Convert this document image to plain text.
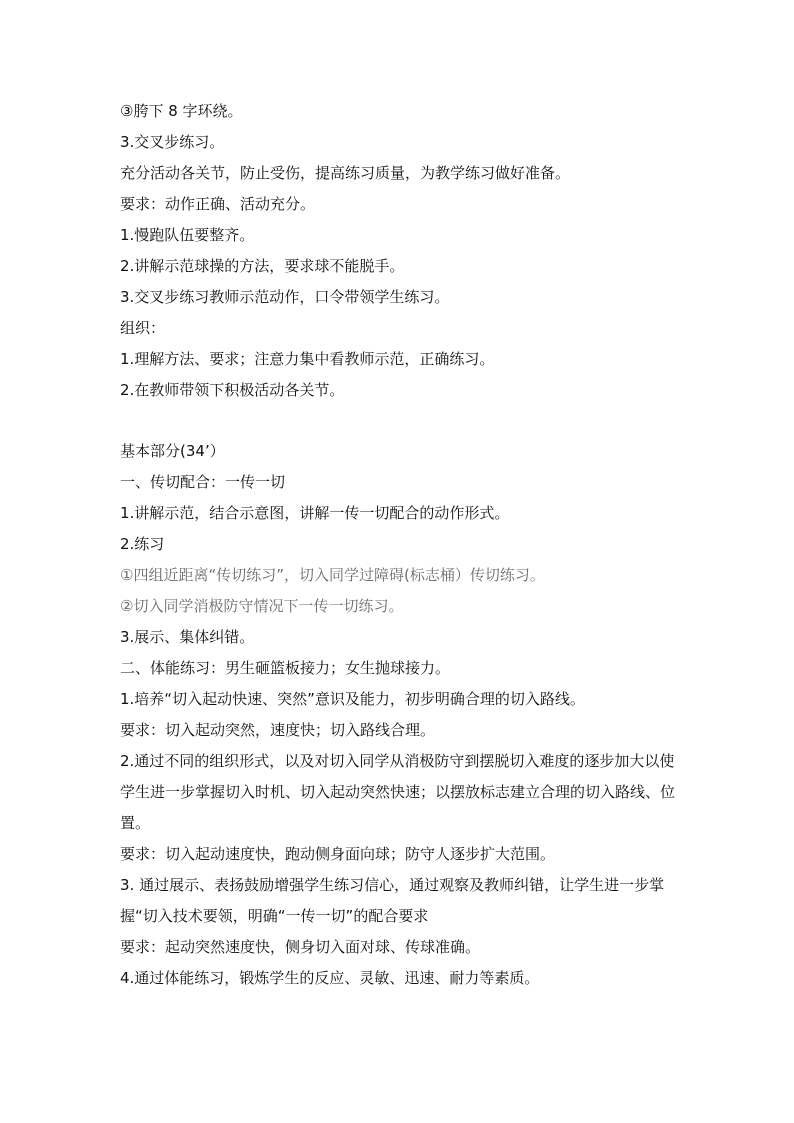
③胯下 8 字环绕。

3.交叉步练习。

充分活动各关节，防止受伤，提高练习质量，为教学练习做好准备。

要求：动作正确、活动充分。

1.慢跑队伍要整齐。

2.讲解示范球操的方法，要求球不能脱手。

3.交叉步练习教师示范动作，口令带领学生练习。

组织：

1.理解方法、要求；注意力集中看教师示范，正确练习。

2.在教师带领下积极活动各关节。

基本部分(34’）

一、传切配合：一传一切

1.讲解示范，结合示意图，讲解一传一切配合的动作形式。

2.练习

①四组近距离“传切练习”，切入同学过障碍(标志桶）传切练习。

②切入同学消极防守情况下一传一切练习。

3.展示、集体纠错。

二、体能练习：男生砸篮板接力；女生抛球接力。

1.培养“切入起动快速、突然”意识及能力，初步明确合理的切入路线。

要求：切入起动突然，速度快；切入路线合理。

2.通过不同的组织形式，以及对切入同学从消极防守到摆脱切入难度的逐步加大以使学生进一步掌握切入时机、切入起动突然快速；以摆放标志建立合理的切入路线、位置。

要求：切入起动速度快，跑动侧身面向球；防守人逐步扩大范围。

3. 通过展示、表扬鼓励增强学生练习信心，通过观察及教师纠错，让学生进一步掌握“切入技术要领，明确“一传一切”的配合要求

要求：起动突然速度快，侧身切入面对球、传球准确。

4.通过体能练习，锻炼学生的反应、灵敏、迅速、耐力等素质。
